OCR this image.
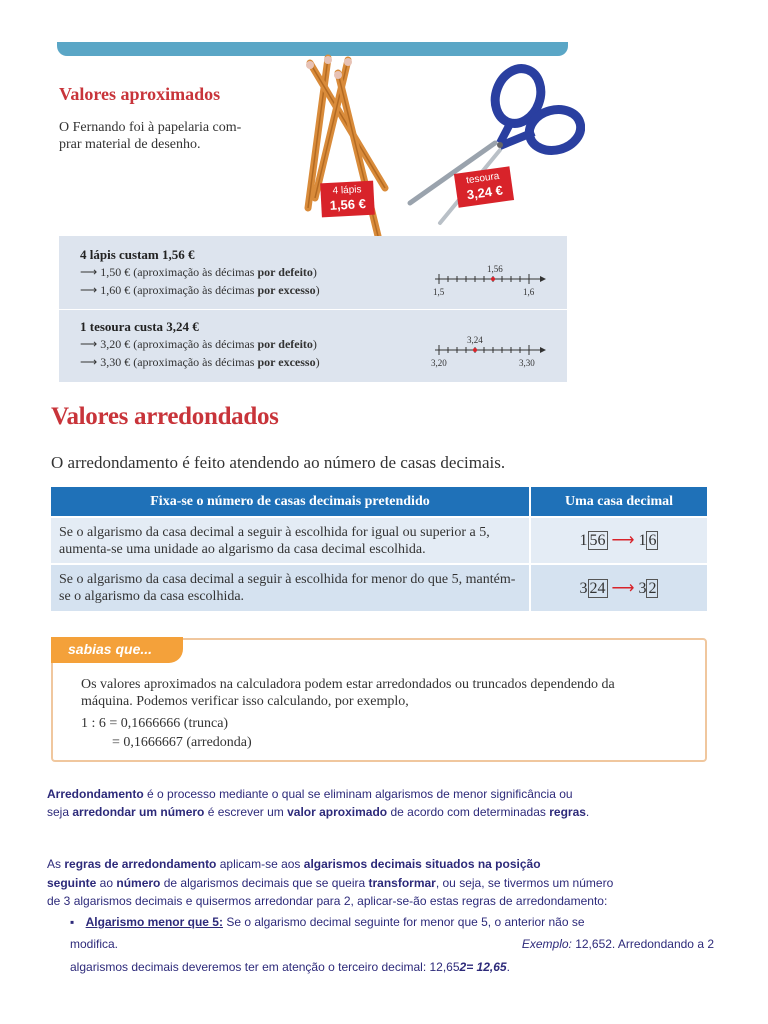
Valores aproximados
O Fernando foi à papelaria com-
prar material de desenho.
4 lápis
1,56 €
tesoura
3,24 €
4 lápis custam 1,56 €
⟶ 1,50 € (aproximação às décimas por defeito)
⟶ 1,60 € (aproximação às décimas por excesso)
1 tesoura custa 3,24 €
⟶ 3,20 € (aproximação às décimas por defeito)
⟶ 3,30 € (aproximação às décimas por excesso)
1,56
1,5	1,6
3,24
3,20	3,30
Valores arredondados
O arredondamento é feito atendendo ao número de casas decimais.
Fixa-se o número de casas decimais pretendido	Uma casa decimal
Se o algarismo da casa decimal a seguir à escolhida for igual ou superior a 5, aumenta-se uma unidade ao algarismo da casa decimal escolhida.	1 56 ⟶ 1 6
Se o algarismo da casa decimal a seguir à escolhida for menor do que 5, mantém-se o algarismo da casa escolhida.	3 24 ⟶ 3 2
sabias que...
Os valores aproximados na calculadora podem estar arredondados ou truncados dependendo da
máquina. Podemos verificar isso calculando, por exemplo,
1 : 6 = 0,1666666 (trunca)
= 0,1666667 (arredonda)
Arredondamento é o processo mediante o qual se eliminam algarismos de menor significância ou
seja arredondar um número é escrever um valor aproximado de acordo com determinadas regras.
As regras de arredondamento aplicam-se aos algarismos decimais situados na posição
seguinte ao número de algarismos decimais que se queira transformar, ou seja, se tivermos um número
de 3 algarismos decimais e quisermos arredondar para 2, aplicar-se-ão estas regras de arredondamento:
▪ Algarismo menor que 5: Se o algarismo decimal seguinte for menor que 5, o anterior não se
modifica.	Exemplo: 12,652. Arredondando a 2
algarismos decimais deveremos ter em atenção o terceiro decimal: 12,652= 12,65.
